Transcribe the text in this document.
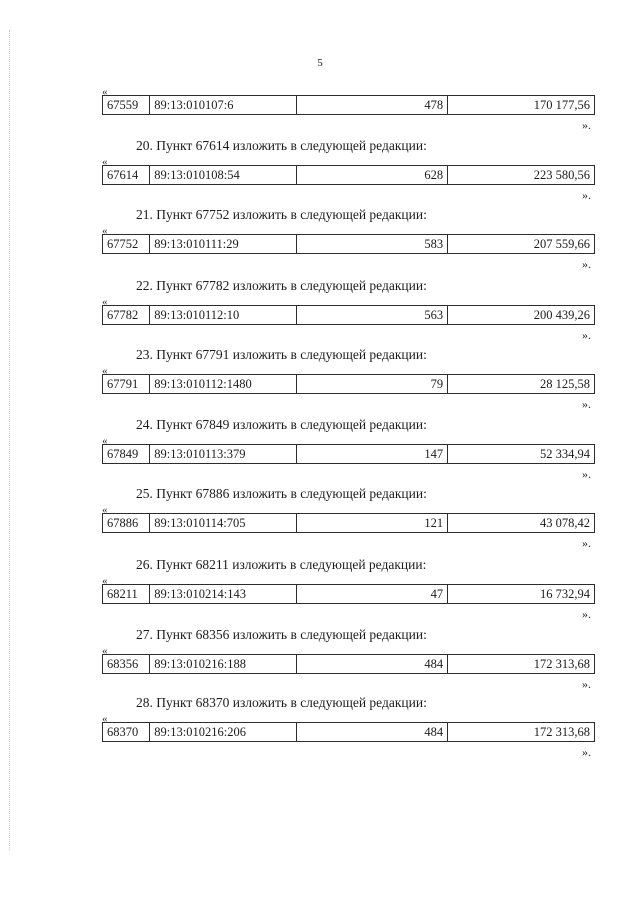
5
«
67559	89:13:010107:6	478	170 177,56
».
20. Пункт 67614 изложить в следующей редакции:
«
67614	89:13:010108:54	628	223 580,56
».
21. Пункт 67752 изложить в следующей редакции:
«
67752	89:13:010111:29	583	207 559,66
».
22. Пункт 67782 изложить в следующей редакции:
«
67782	89:13:010112:10	563	200 439,26
».
23. Пункт 67791 изложить в следующей редакции:
«
67791	89:13:010112:1480	79	28 125,58
».
24. Пункт 67849 изложить в следующей редакции:
«
67849	89:13:010113:379	147	52 334,94
».
25. Пункт 67886 изложить в следующей редакции:
«
67886	89:13:010114:705	121	43 078,42
».
26. Пункт 68211 изложить в следующей редакции:
«
68211	89:13:010214:143	47	16 732,94
».
27. Пункт 68356 изложить в следующей редакции:
«
68356	89:13:010216:188	484	172 313,68
».
28. Пункт 68370 изложить в следующей редакции:
«
68370	89:13:010216:206	484	172 313,68
».
